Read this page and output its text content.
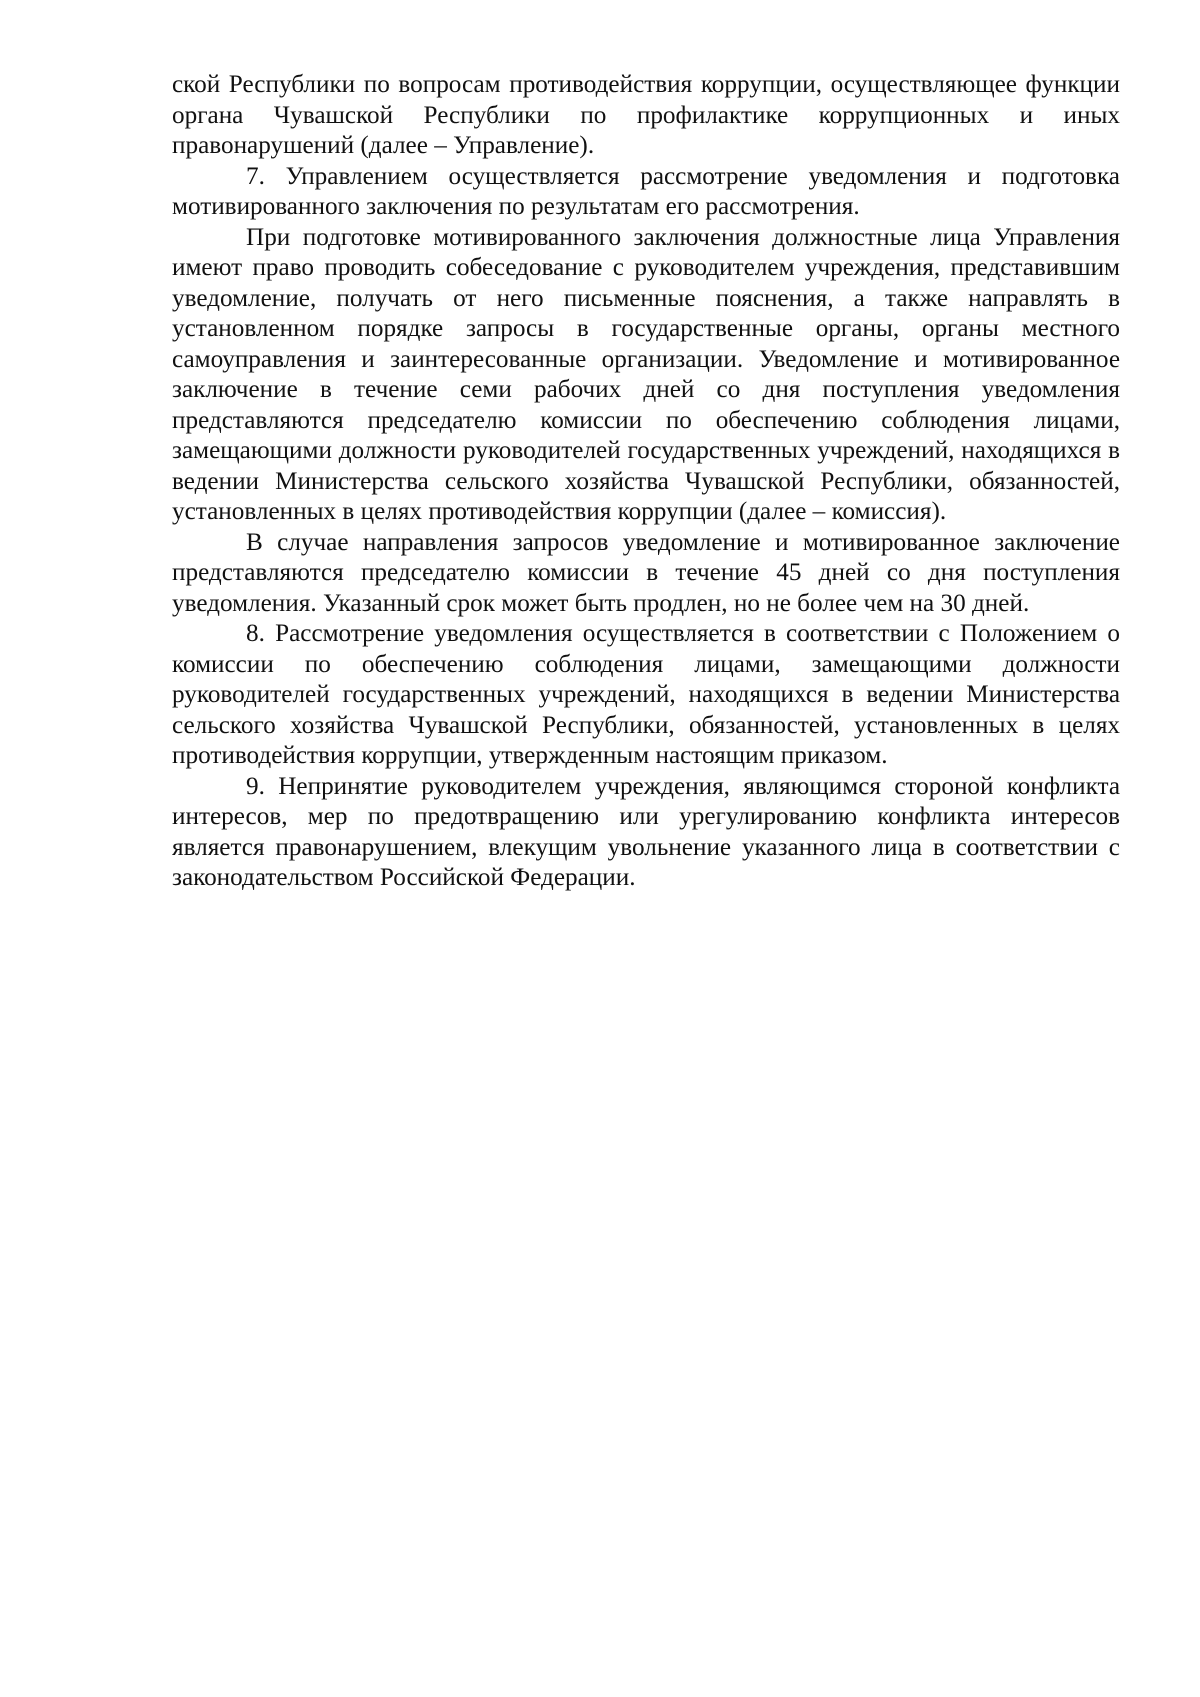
ской Республики по вопросам противодействия коррупции, осуществляющее функции органа Чувашской Республики по профилактике коррупционных и иных правонарушений (далее – Управление).

7. Управлением осуществляется рассмотрение уведомления и подготовка мотивированного заключения по результатам его рассмотрения.

При подготовке мотивированного заключения должностные лица Управления имеют право проводить собеседование с руководителем учреждения, представившим уведомление, получать от него письменные пояснения, а также направлять в установленном порядке запросы в государственные органы, органы местного самоуправления и заинтересованные организации. Уведомление и мотивированное заключение в течение семи рабочих дней со дня поступления уведомления представляются председателю комиссии по обеспечению соблюдения лицами, замещающими должности руководителей государственных учреждений, находящихся в ведении Министерства сельского хозяйства Чувашской Республики, обязанностей, установленных в целях противодействия коррупции (далее – комиссия).

В случае направления запросов уведомление и мотивированное заключение представляются председателю комиссии в течение 45 дней со дня поступления уведомления. Указанный срок может быть продлен, но не более чем на 30 дней.

8. Рассмотрение уведомления осуществляется в соответствии с Положением о комиссии по обеспечению соблюдения лицами, замещающими должности руководителей государственных учреждений, находящихся в ведении Министерства сельского хозяйства Чувашской Республики, обязанностей, установленных в целях противодействия коррупции, утвержденным настоящим приказом.

9. Непринятие руководителем учреждения, являющимся стороной конфликта интересов, мер по предотвращению или урегулированию конфликта интересов является правонарушением, влекущим увольнение указанного лица в соответствии с законодательством Российской Федерации.
